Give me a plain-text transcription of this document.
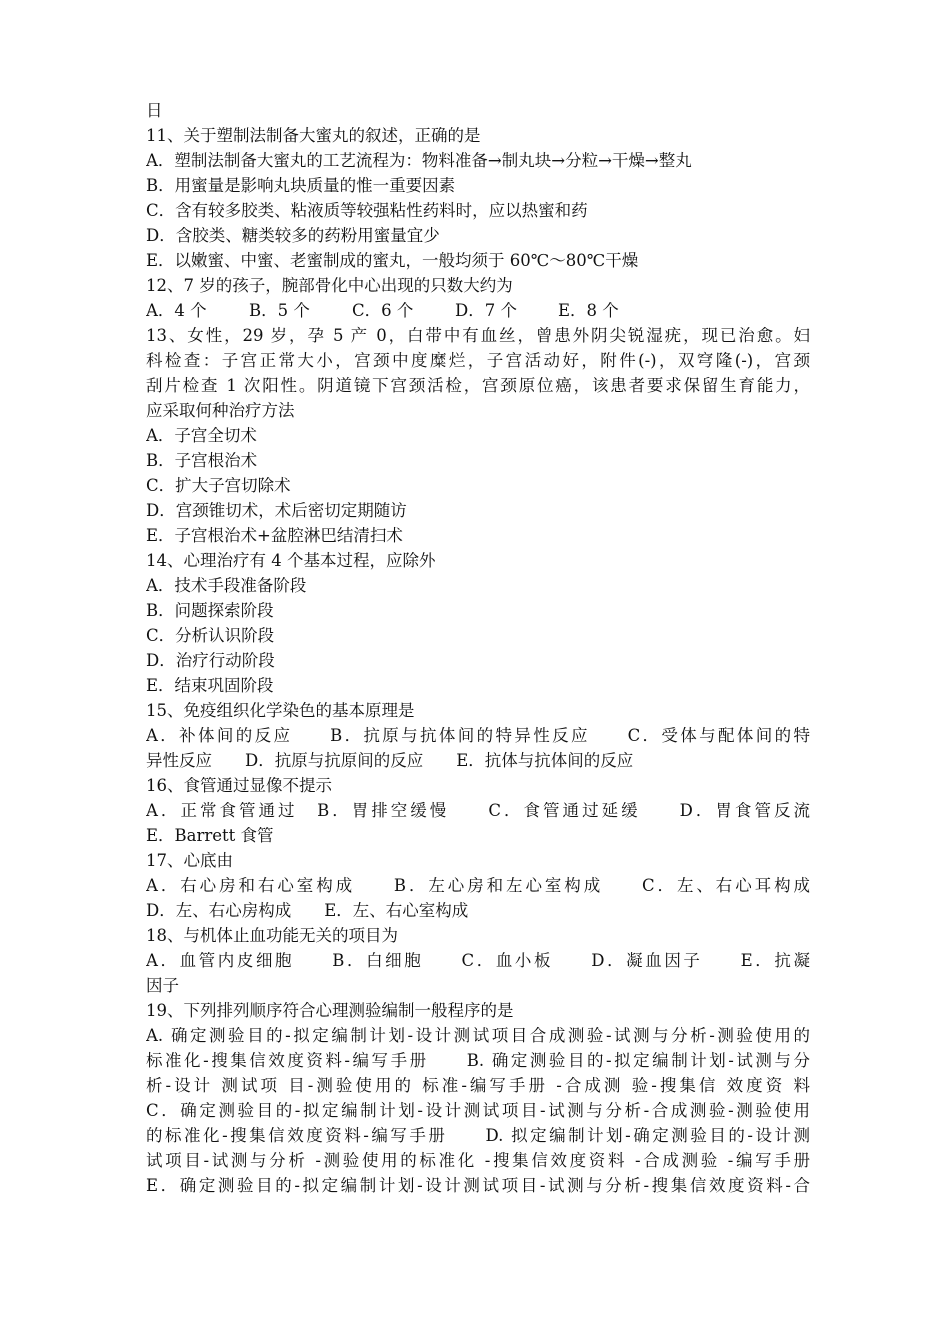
日
11、关于塑制法制备大蜜丸的叙述，正确的是
A．塑制法制备大蜜丸的工艺流程为：物料准备→制丸块→分粒→干燥→整丸
B．用蜜量是影响丸块质量的惟一重要因素
C．含有较多胶类、粘液质等较强粘性药料时，应以热蜜和药
D．含胶类、糖类较多的药粉用蜜量宜少
E．以嫩蜜、中蜜、老蜜制成的蜜丸，一般均须于 60℃～80℃干燥
12、7 岁的孩子，腕部骨化中心出现的只数大约为
A．4 个	B．5 个	C．6 个	D．7 个 E．8 个
13、女性，29 岁，孕 5 产 0，白带中有血丝，曾患外阴尖锐湿疣，现已治愈。妇
科检查：子宫正常大小，宫颈中度糜烂，子宫活动好，附件(-)，双穹隆(-)，宫颈
刮片检查 1 次阳性。阴道镜下宫颈活检，宫颈原位癌，该患者要求保留生育能力，
应采取何种治疗方法
A．子宫全切术
B．子宫根治术
C．扩大子宫切除术
D．宫颈锥切术，术后密切定期随访
E．子宫根治术+盆腔淋巴结清扫术
14、心理治疗有 4 个基本过程，应除外
A．技术手段准备阶段
B．问题探索阶段
C．分析认识阶段
D．治疗行动阶段
E．结束巩固阶段
15、免疫组织化学染色的基本原理是
A．补体间的反应　　B．抗原与抗体间的特异性反应　　C．受体与配体间的特
异性反应　　D．抗原与抗原间的反应　　E．抗体与抗体间的反应
16、食管通过显像不提示
A．正常食管通过　B．胃排空缓慢　　C．食管通过延缓　　D．胃食管反流
E．Barrett 食管
17、心底由
A．右心房和右心室构成　　B．左心房和左心室构成　　C．左、右心耳构成
D．左、右心房构成　　E．左、右心室构成
18、与机体止血功能无关的项目为
A．血管内皮细胞　　B．白细胞　　C．血小板　　D．凝血因子　　E．抗凝
因子
19、下列排列顺序符合心理测验编制一般程序的是
A. 确定测验目的-拟定编制计划-设计测试项目合成测验-试测与分析-测验使用的
标准化-搜集信效度资料-编写手册　　B. 确定测验目的-拟定编制计划-试测与分
析-设计 测试项 目-测验使用的 标准-编写手册 -合成测 验-搜集信 效度资 料
C．确定测验目的-拟定编制计划-设计测试项目-试测与分析-合成测验-测验使用
的标准化-搜集信效度资料-编写手册　　D. 拟定编制计划-确定测验目的-设计测
试项目-试测与分析 -测验使用的标准化 -搜集信效度资料 -合成测验 -编写手册
E．确定测验目的-拟定编制计划-设计测试项目-试测与分析-搜集信效度资料-合
